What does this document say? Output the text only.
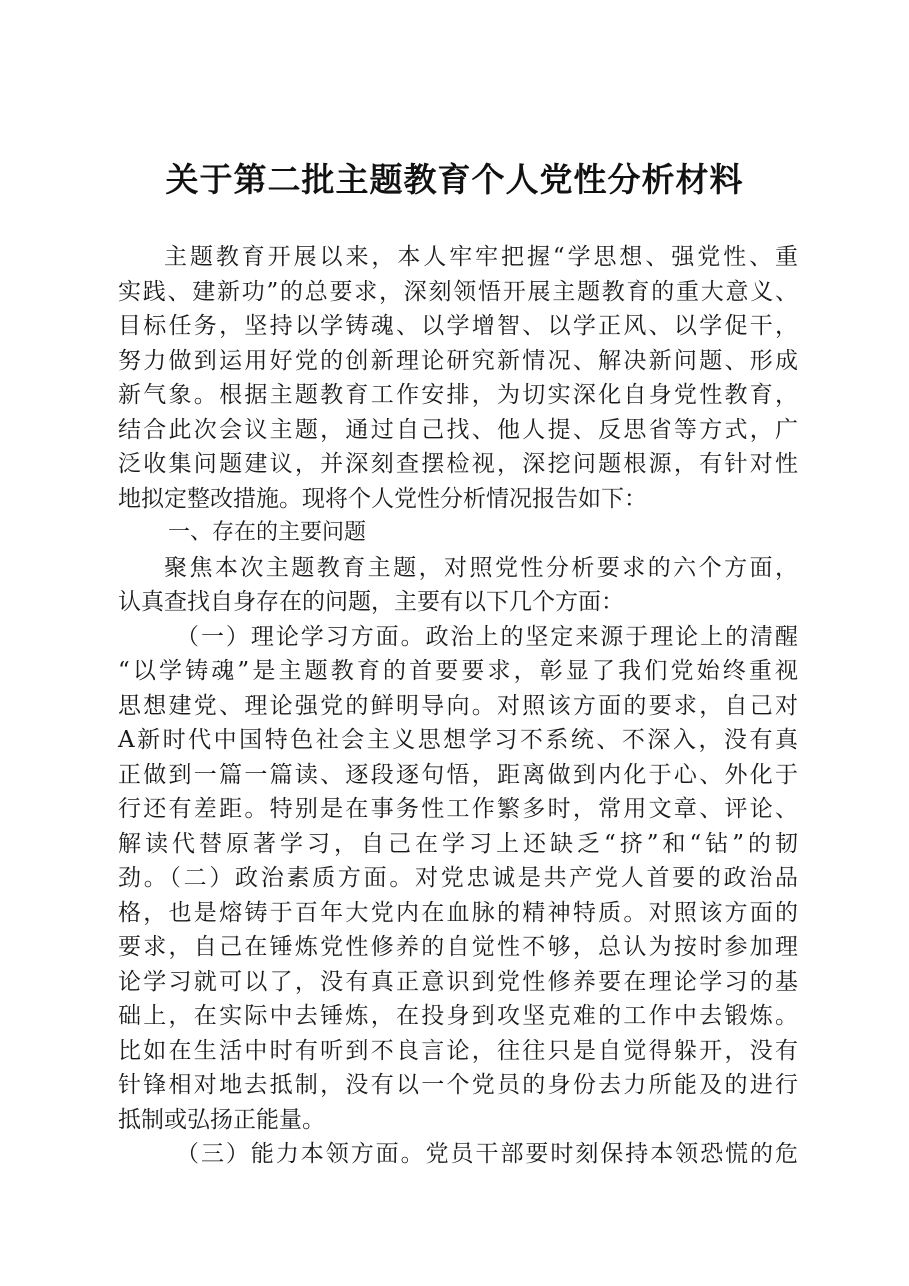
关于第二批主题教育个人党性分析材料
主题教育开展以来，本人牢牢把握“学思想、强党性、重
实践、建新功”的总要求，深刻领悟开展主题教育的重大意义、
目标任务，坚持以学铸魂、以学增智、以学正风、以学促干，
努力做到运用好党的创新理论研究新情况、解决新问题、形成
新气象。根据主题教育工作安排，为切实深化自身党性教育，
结合此次会议主题，通过自己找、他人提、反思省等方式，广
泛收集问题建议，并深刻查摆检视，深挖问题根源，有针对性
地拟定整改措施。现将个人党性分析情况报告如下：
一、存在的主要问题
聚焦本次主题教育主题，对照党性分析要求的六个方面，
认真查找自身存在的问题，主要有以下几个方面：
（一）理论学习方面。政治上的坚定来源于理论上的清醒
“以学铸魂”是主题教育的首要要求，彰显了我们党始终重视
思想建党、理论强党的鲜明导向。对照该方面的要求，自己对
A新时代中国特色社会主义思想学习不系统、不深入，没有真
正做到一篇一篇读、逐段逐句悟，距离做到内化于心、外化于
行还有差距。特别是在事务性工作繁多时，常用文章、评论、
解读代替原著学习，自己在学习上还缺乏“挤”和“钻”的韧
劲。（二）政治素质方面。对党忠诚是共产党人首要的政治品
格，也是熔铸于百年大党内在血脉的精神特质。对照该方面的
要求，自己在锤炼党性修养的自觉性不够，总认为按时参加理
论学习就可以了，没有真正意识到党性修养要在理论学习的基
础上，在实际中去锤炼，在投身到攻坚克难的工作中去锻炼。
比如在生活中时有听到不良言论，往往只是自觉得躲开，没有
针锋相对地去抵制，没有以一个党员的身份去力所能及的进行
抵制或弘扬正能量。
（三）能力本领方面。党员干部要时刻保持本领恐慌的危
